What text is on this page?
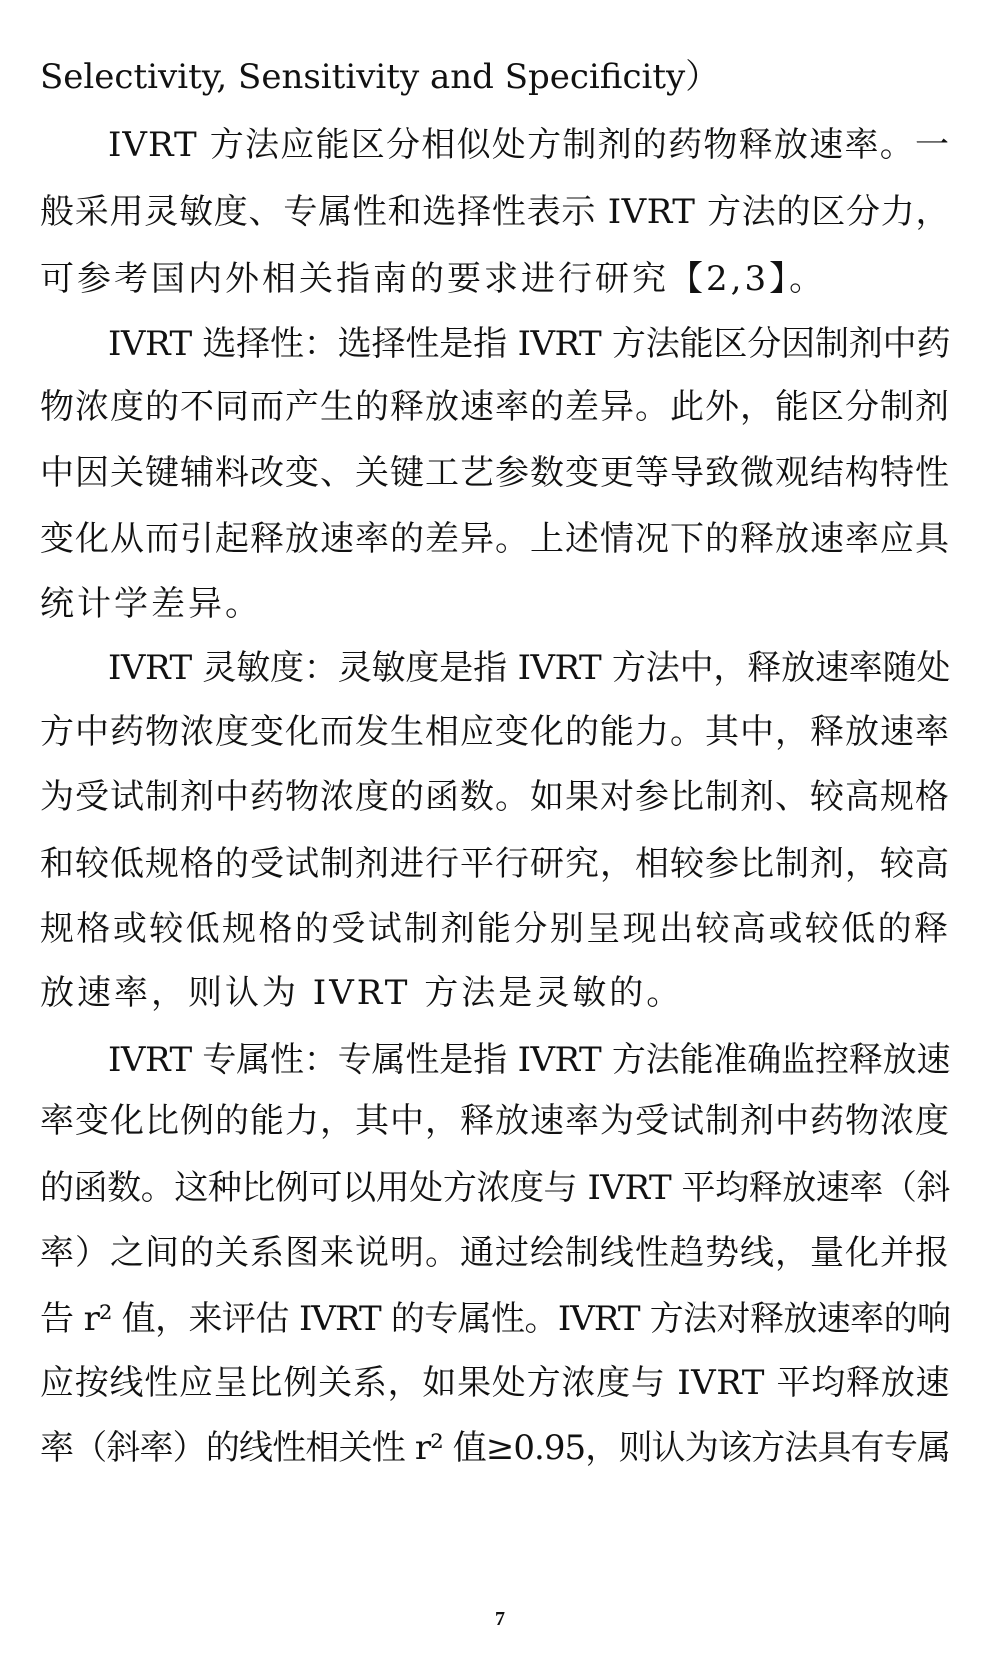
Selectivity, Sensitivity and Specificity）
IVRT 方法应能区分相似处方制剂的药物释放速率。一
般采用灵敏度、专属性和选择性表示 IVRT 方法的区分力，
可参考国内外相关指南的要求进行研究【2,3】。
IVRT 选择性：选择性是指 IVRT 方法能区分因制剂中药
物浓度的不同而产生的释放速率的差异。此外，能区分制剂
中因关键辅料改变、关键工艺参数变更等导致微观结构特性
变化从而引起释放速率的差异。上述情况下的释放速率应具
统计学差异。
IVRT 灵敏度：灵敏度是指 IVRT 方法中，释放速率随处
方中药物浓度变化而发生相应变化的能力。其中，释放速率
为受试制剂中药物浓度的函数。如果对参比制剂、较高规格
和较低规格的受试制剂进行平行研究，相较参比制剂，较高
规格或较低规格的受试制剂能分别呈现出较高或较低的释
放速率，则认为 IVRT 方法是灵敏的。
IVRT 专属性：专属性是指 IVRT 方法能准确监控释放速
率变化比例的能力，其中，释放速率为受试制剂中药物浓度
的函数。这种比例可以用处方浓度与 IVRT 平均释放速率（斜
率）之间的关系图来说明。通过绘制线性趋势线，量化并报
告 r² 值，来评估 IVRT 的专属性。IVRT 方法对释放速率的响
应按线性应呈比例关系，如果处方浓度与 IVRT 平均释放速
率（斜率）的线性相关性 r² 值≥0.95，则认为该方法具有专属
7
